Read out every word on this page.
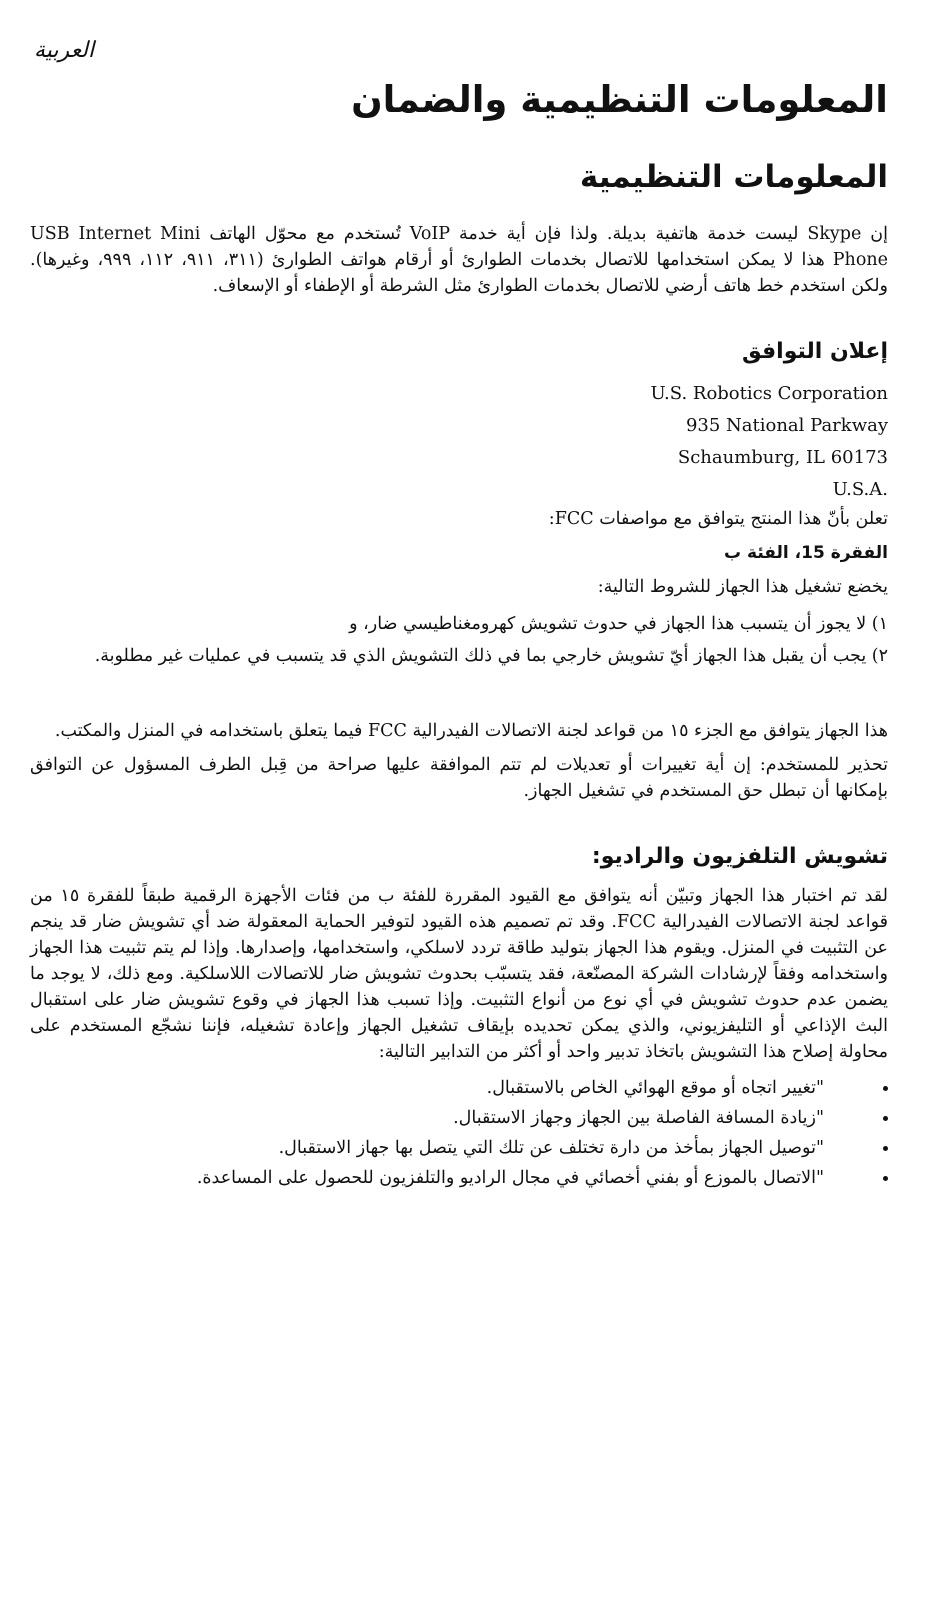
العربية
المعلومات التنظيمية والضمان
المعلومات التنظيمية

إن Skype ليست خدمة هاتفية بديلة. ولذا فإن أية خدمة VoIP تُستخدم مع محوّل الهاتف USB Internet Mini Phone هذا لا يمكن استخدامها للاتصال بخدمات الطوارئ أو أرقام هواتف الطوارئ (٣١١، ٩١١، ١١٢، ٩٩٩، وغيرها). ولكن استخدم خط هاتف أرضي للاتصال بخدمات الطوارئ مثل الشرطة أو الإطفاء أو الإسعاف.

إعلان التوافق
U.S. Robotics Corporation
935 National Parkway
Schaumburg, IL 60173
U.S.A.

تعلن بأنّ هذا المنتج يتوافق مع مواصفات FCC:

الفقرة 15، الفئة ب

يخضع تشغيل هذا الجهاز للشروط التالية:

١) لا يجوز أن يتسبب هذا الجهاز في حدوث تشويش كهرومغناطيسي ضار، و
٢) يجب أن يقبل هذا الجهاز أيّ تشويش خارجي بما في ذلك التشويش الذي قد يتسبب في عمليات غير مطلوبة.

هذا الجهاز يتوافق مع الجزء ١٥ من قواعد لجنة الاتصالات الفيدرالية FCC فيما يتعلق باستخدامه في المنزل والمكتب.

تحذير للمستخدم: إن أية تغييرات أو تعديلات لم تتم الموافقة عليها صراحة من قِبل الطرف المسؤول عن التوافق بإمكانها أن تبطل حق المستخدم في تشغيل الجهاز.

تشويش التلفزيون والراديو:

لقد تم اختبار هذا الجهاز وتبيّن أنه يتوافق مع القيود المقررة للفئة ب من فئات الأجهزة الرقمية طبقاً للفقرة ١٥ من قواعد لجنة الاتصالات الفيدرالية FCC. وقد تم تصميم هذه القيود لتوفير الحماية المعقولة ضد أي تشويش ضار قد ينجم عن التثبيت في المنزل. ويقوم هذا الجهاز بتوليد طاقة تردد لاسلكي، واستخدامها، وإصدارها. وإذا لم يتم تثبيت هذا الجهاز واستخدامه وفقاً لإرشادات الشركة المصنّعة، فقد يتسبّب بحدوث تشويش ضار للاتصالات اللاسلكية. ومع ذلك، لا يوجد ما يضمن عدم حدوث تشويش في أي نوع من أنواع التثبيت. وإذا تسبب هذا الجهاز في وقوع تشويش ضار على استقبال البث الإذاعي أو التليفزيوني، والذي يمكن تحديده بإيقاف تشغيل الجهاز وإعادة تشغيله، فإننا نشجّع المستخدم على محاولة إصلاح هذا التشويش باتخاذ تدبير واحد أو أكثر من التدابير التالية:

"تغيير اتجاه أو موقع الهوائي الخاص بالاستقبال.
"زيادة المسافة الفاصلة بين الجهاز وجهاز الاستقبال.
"توصيل الجهاز بمأخذ من دارة تختلف عن تلك التي يتصل بها جهاز الاستقبال.
"الاتصال بالموزع أو بفني أخصائي في مجال الراديو والتلفزيون للحصول على المساعدة.
